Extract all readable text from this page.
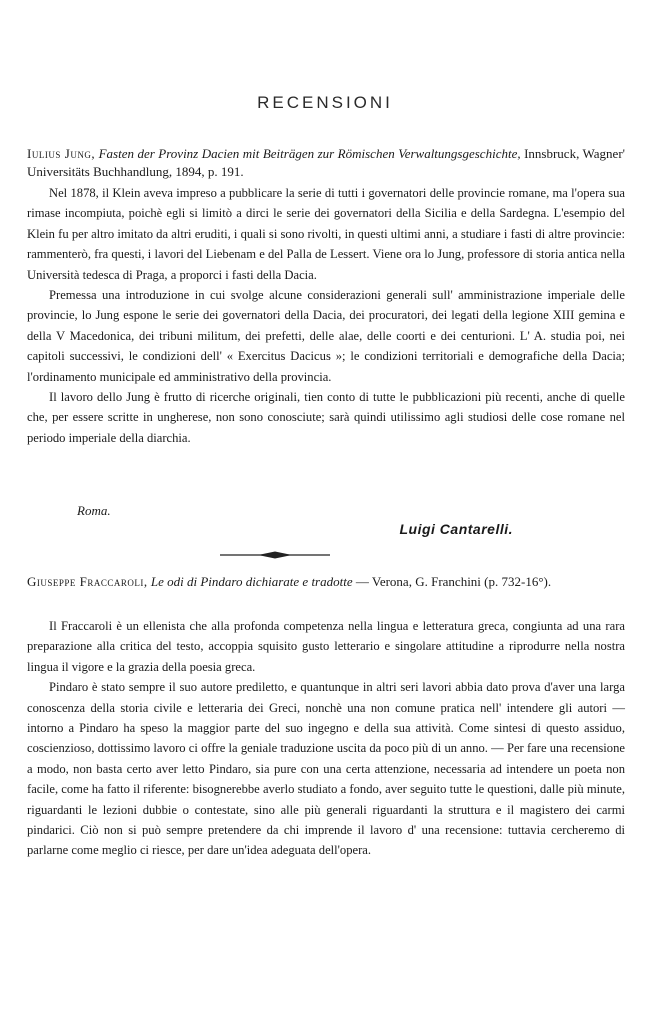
RECENSIONI
Iulius Jung, Fasten der Provinz Dacien mit Beiträgen zur Römischen Verwaltungsgeschichte, Innsbruck, Wagner' Universitäts Buchhandlung, 1894, p. 191.

Nel 1878, il Klein aveva impreso a pubblicare la serie di tutti i governatori delle provincie romane, ma l'opera sua rimase incompiuta, poichè egli si limitò a dirci le serie dei governatori della Sicilia e della Sardegna. L'esempio del Klein fu per altro imitato da altri eruditi, i quali si sono rivolti, in questi ultimi anni, a studiare i fasti di altre provincie: rammenterò, fra questi, i lavori del Liebenam e del Palla de Lessert. Viene ora lo Jung, professore di storia antica nella Università tedesca di Praga, a proporci i fasti della Dacia.

Premessa una introduzione in cui svolge alcune considerazioni generali sull' amministrazione imperiale delle provincie, lo Jung espone le serie dei governatori della Dacia, dei procuratori, dei legati della legione XIII gemina e della V Macedonica, dei tribuni militum, dei prefetti, delle alae, delle coorti e dei centurioni. L' A. studia poi, nei capitoli successivi, le condizioni dell' « Exercitus Dacicus »; le condizioni territoriali e demografiche della Dacia; l'ordinamento municipale ed amministrativo della provincia.

Il lavoro dello Jung è frutto di ricerche originali, tien conto di tutte le pubblicazioni più recenti, anche di quelle che, per essere scritte in ungherese, non sono conosciute; sarà quindi utilissimo agli studiosi delle cose romane nel periodo imperiale della diarchia.

Roma.
Luigi Cantarelli.
Giuseppe Fraccaroli, Le odi di Pindaro dichiarate e tradotte — Verona, G. Franchini (p. 732-16°).

Il Fraccaroli è un ellenista che alla profonda competenza nella lingua e letteratura greca, congiunta ad una rara preparazione alla critica del testo, accoppia squisito gusto letterario e singolare attitudine a riprodurre nella nostra lingua il vigore e la grazia della poesia greca.

Pindaro è stato sempre il suo autore prediletto, e quantunque in altri seri lavori abbia dato prova d'aver una larga conoscenza della storia civile e letteraria dei Greci, nonchè una non comune pratica nell' intendere gli autori — intorno a Pindaro ha speso la maggior parte del suo ingegno e della sua attività. Come sintesi di questo assiduo, coscienzioso, dottissimo lavoro ci offre la geniale traduzione uscita da poco più di un anno. — Per fare una recensione a modo, non basta certo aver letto Pindaro, sia pure con una certa attenzione, necessaria ad intendere un poeta non facile, come ha fatto il riferente: bisognerebbe averlo studiato a fondo, aver seguito tutte le questioni, dalle più minute, riguardanti le lezioni dubbie o contestate, sino alle più generali riguardanti la struttura e il magistero dei carmi pindarici. Ciò non si può sempre pretendere da chi imprende il lavoro d' una recensione: tuttavia cercheremo di parlarne come meglio ci riesce, per dare un'idea adeguata dell'opera.
